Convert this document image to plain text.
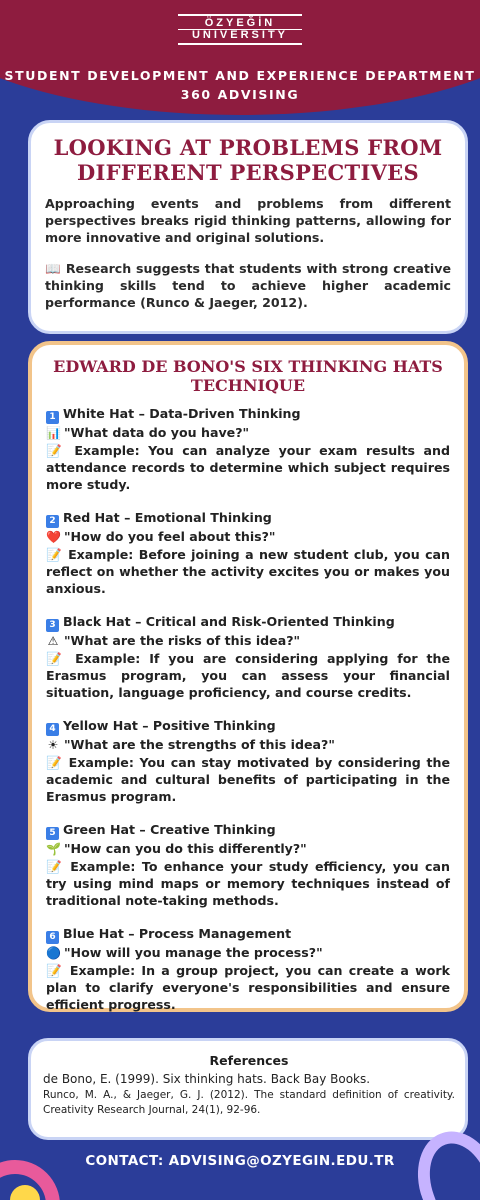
ÖZYEĞİN
UNIVERSITY
STUDENT DEVELOPMENT AND EXPERIENCE DEPARTMENT
360 ADVISING
LOOKING AT PROBLEMS FROM DIFFERENT PERSPECTIVES

Approaching events and problems from different perspectives breaks rigid thinking patterns, allowing for more innovative and original solutions.

📖 Research suggests that students with strong creative thinking skills tend to achieve higher academic performance (Runco & Jaeger, 2012).

EDWARD DE BONO'S SIX THINKING HATS TECHNIQUE
1 White Hat – Data-Driven Thinking
📊 "What data do you have?"
📝 Example: You can analyze your exam results and attendance records to determine which subject requires more study.
2 Red Hat – Emotional Thinking
❤️ "How do you feel about this?"
📝 Example: Before joining a new student club, you can reflect on whether the activity excites you or makes you anxious.
3 Black Hat – Critical and Risk-Oriented Thinking
⚠ "What are the risks of this idea?"
📝 Example: If you are considering applying for the Erasmus program, you can assess your financial situation, language proficiency, and course credits.
4 Yellow Hat – Positive Thinking
☀ "What are the strengths of this idea?"
📝 Example: You can stay motivated by considering the academic and cultural benefits of participating in the Erasmus program.
5 Green Hat – Creative Thinking
🌱 "How can you do this differently?"
📝 Example: To enhance your study efficiency, you can try using mind maps or memory techniques instead of traditional note-taking methods.
6 Blue Hat – Process Management
🔵 "How will you manage the process?"
📝 Example: In a group project, you can create a work plan to clarify everyone's responsibilities and ensure efficient progress.
References
de Bono, E. (1999). Six thinking hats. Back Bay Books.
Runco, M. A., & Jaeger, G. J. (2012). The standard definition of creativity. Creativity Research Journal, 24(1), 92-96.
CONTACT: ADVISING@OZYEGIN.EDU.TR
